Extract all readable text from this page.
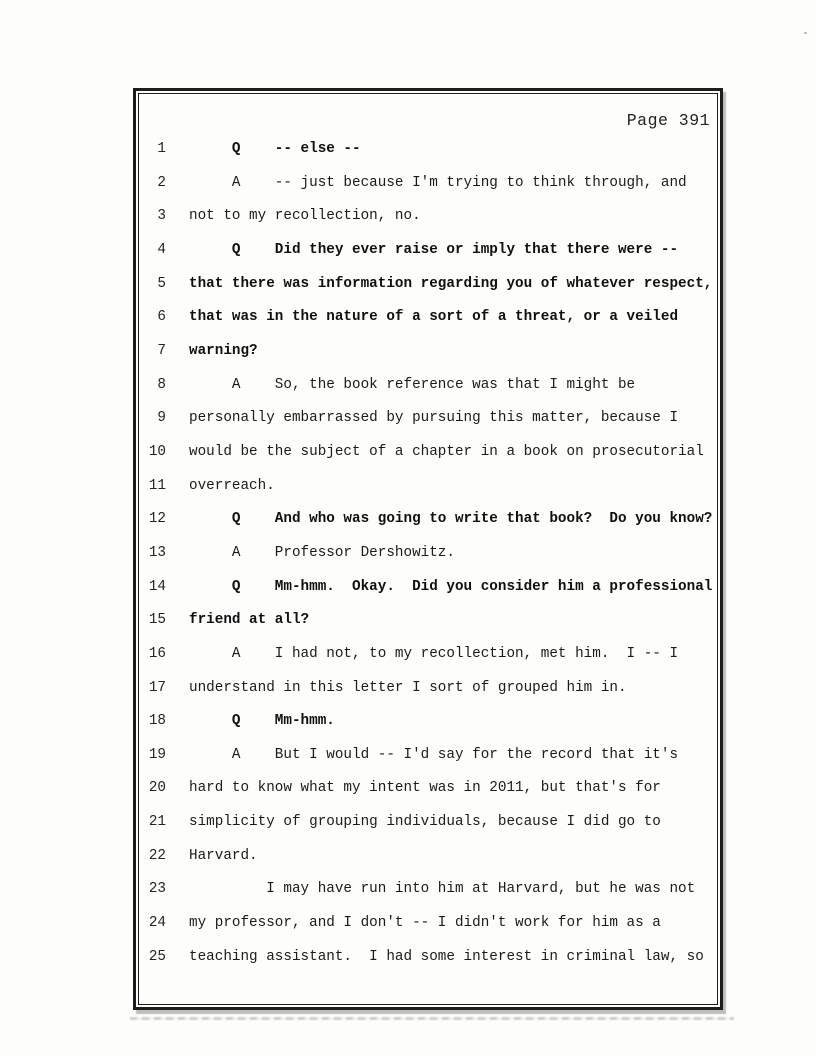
Page 391
1 Q    -- else --
2 A    -- just because I'm trying to think through, and
3 not to my recollection, no.
4 Q    Did they ever raise or imply that there were --
5 that there was information regarding you of whatever respect,
6 that was in the nature of a sort of a threat, or a veiled
7 warning?
8 A    So, the book reference was that I might be
9 personally embarrassed by pursuing this matter, because I
10 would be the subject of a chapter in a book on prosecutorial
11 overreach.
12 Q    And who was going to write that book?  Do you know?
13 A    Professor Dershowitz.
14 Q    Mm-hmm.  Okay.  Did you consider him a professional
15 friend at all?
16 A    I had not, to my recollection, met him.  I -- I
17 understand in this letter I sort of grouped him in.
18 Q    Mm-hmm.
19 A    But I would -- I'd say for the record that it's
20 hard to know what my intent was in 2011, but that's for
21 simplicity of grouping individuals, because I did go to
22 Harvard.
23 I may have run into him at Harvard, but he was not
24 my professor, and I don't -- I didn't work for him as a
25 teaching assistant.  I had some interest in criminal law, so
